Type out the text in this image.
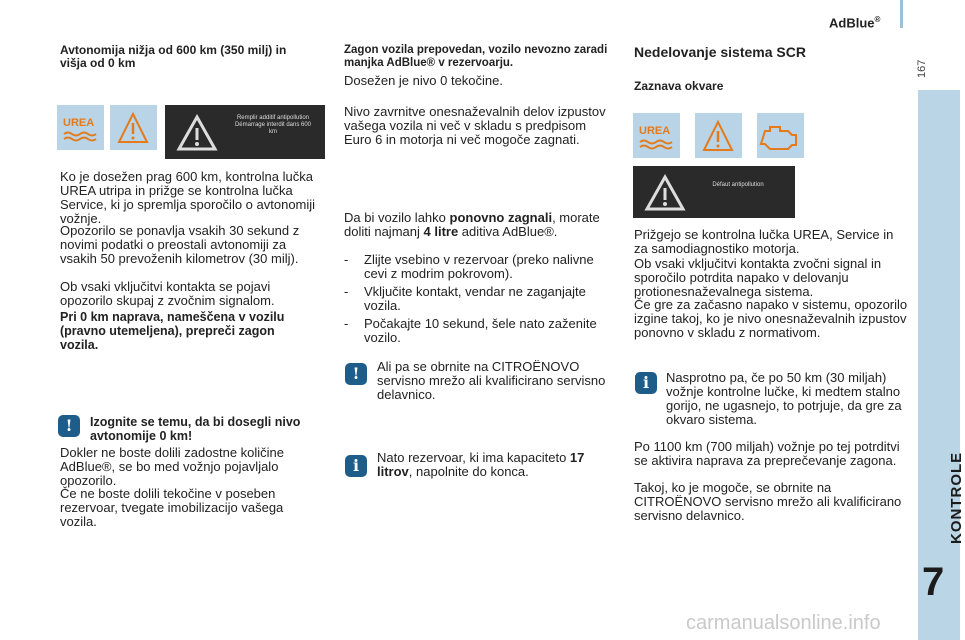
AdBlue®
167
KONTROLE
7
Avtonomija nižja od 600 km (350 milj) in višja od 0 km
UREA	Remplir additif antipollution Démarrage interdit dans 600 km
Ko je dosežen prag 600 km, kontrolna lučka UREA utripa in prižge se kontrolna lučka Service, ki jo spremlja sporočilo o avtonomiji vožnje.
Opozorilo se ponavlja vsakih 30 sekund z novimi podatki o preostali avtonomiji za vsakih 50 prevoženih kilometrov (30 milj).
Ob vsaki vključitvi kontakta se pojavi opozorilo skupaj z zvočnim signalom.
Pri 0 km naprava, nameščena v vozilu (pravno utemeljena), prepreči zagon vozila.
!	Izognite se temu, da bi dosegli nivo avtonomije 0 km!
Dokler ne boste dolili zadostne količine AdBlue®, se bo med vožnjo pojavljalo opozorilo.
Če ne boste dolili tekočine v poseben rezervoar, tvegate imobilizacijo vašega vozila.
Zagon vozila prepovedan, vozilo nevozno zaradi manjka AdBlue® v rezervoarju.
Dosežen je nivo 0 tekočine.
Nivo zavrnitve onesnaževalnih delov izpustov vašega vozila ni več v skladu s predpisom Euro 6 in motorja ni več mogoče zagnati.
Da bi vozilo lahko ponovno zagnali, morate doliti najmanj 4 litre aditiva AdBlue®.
- Zlijte vsebino v rezervoar (preko nalivne cevi z modrim pokrovom).
- Vključite kontakt, vendar ne zaganjajte vozila.
- Počakajte 10 sekund, šele nato zaženite vozilo.
!	Ali pa se obrnite na CITROËNOVO servisno mrežo ali kvalificirano servisno delavnico.
i	Nato rezervoar, ki ima kapaciteto 17 litrov, napolnite do konca.
Nedelovanje sistema SCR
Zaznava okvare
UREA
Défaut antipollution
Prižgejo se kontrolna lučka UREA, Service in za samodiagnostiko motorja.
Ob vsaki vključitvi kontakta zvočni signal in sporočilo potrdita napako v delovanju protionesnaževalnega sistema.
Če gre za začasno napako v sistemu, opozorilo izgine takoj, ko je nivo onesnaževalnih izpustov ponovno v skladu z normativom.
i	Nasprotno pa, če po 50 km (30 miljah) vožnje kontrolne lučke, ki medtem stalno gorijo, ne ugasnejo, to potrjuje, da gre za okvaro sistema.
Po 1100 km (700 miljah) vožnje po tej potrditvi se aktivira naprava za preprečevanje zagona.
Takoj, ko je mogoče, se obrnite na CITROËNOVO servisno mrežo ali kvalificirano servisno delavnico.
carmanualsonline.info
